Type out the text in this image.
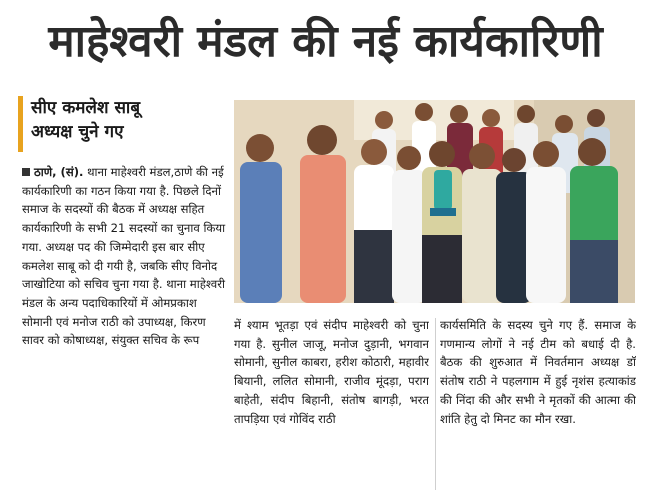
माहेश्वरी मंडल की नई कार्यकारिणी
सीए कमलेश साबू
अध्यक्ष चुने गए
ठाणे, (सं). थाना माहेश्वरी मंडल,ठाणे की नई कार्यकारिणी का गठन किया गया है. पिछले दिनों समाज के सदस्यों की बैठक में अध्यक्ष सहित कार्यकारिणी के सभी 21 सदस्यों का चुनाव किया गया. अध्यक्ष पद की जिम्मेदारी इस बार सीए कमलेश साबू को दी गयी है, जबकि सीए विनोद जाखोटिया को सचिव चुना गया है. थाना माहेश्वरी मंडल के अन्य पदाधिकारियों में ओमप्रकाश सोमानी एवं मनोज राठी को उपाध्यक्ष, किरण सावर को कोषाध्यक्ष, संयुक्त सचिव के रूप
में श्याम भूतड़ा एवं संदीप माहेश्वरी को चुना गया है. सुनील जाजू, मनोज दुड़ानी, भगवान सोमानी, सुनील काबरा, हरीश कोठारी, महावीर बियानी, ललित सोमानी, राजीव मूंदड़ा, पराग बाहेती, संदीप बिहानी, संतोष बागड़ी, भरत तापड़िया एवं गोविंद राठी
कार्यसमिति के सदस्य चुने गए हैं. समाज के गणमान्य लोगों ने नई टीम को बधाई दी है. बैठक की शुरुआत में निवर्तमान अध्यक्ष डॉ संतोष राठी ने पहलगाम में हुई नृशंस हत्याकांड की निंदा की और सभी ने मृतकों की आत्मा की शांति हेतु दो मिनट का मौन रखा.
